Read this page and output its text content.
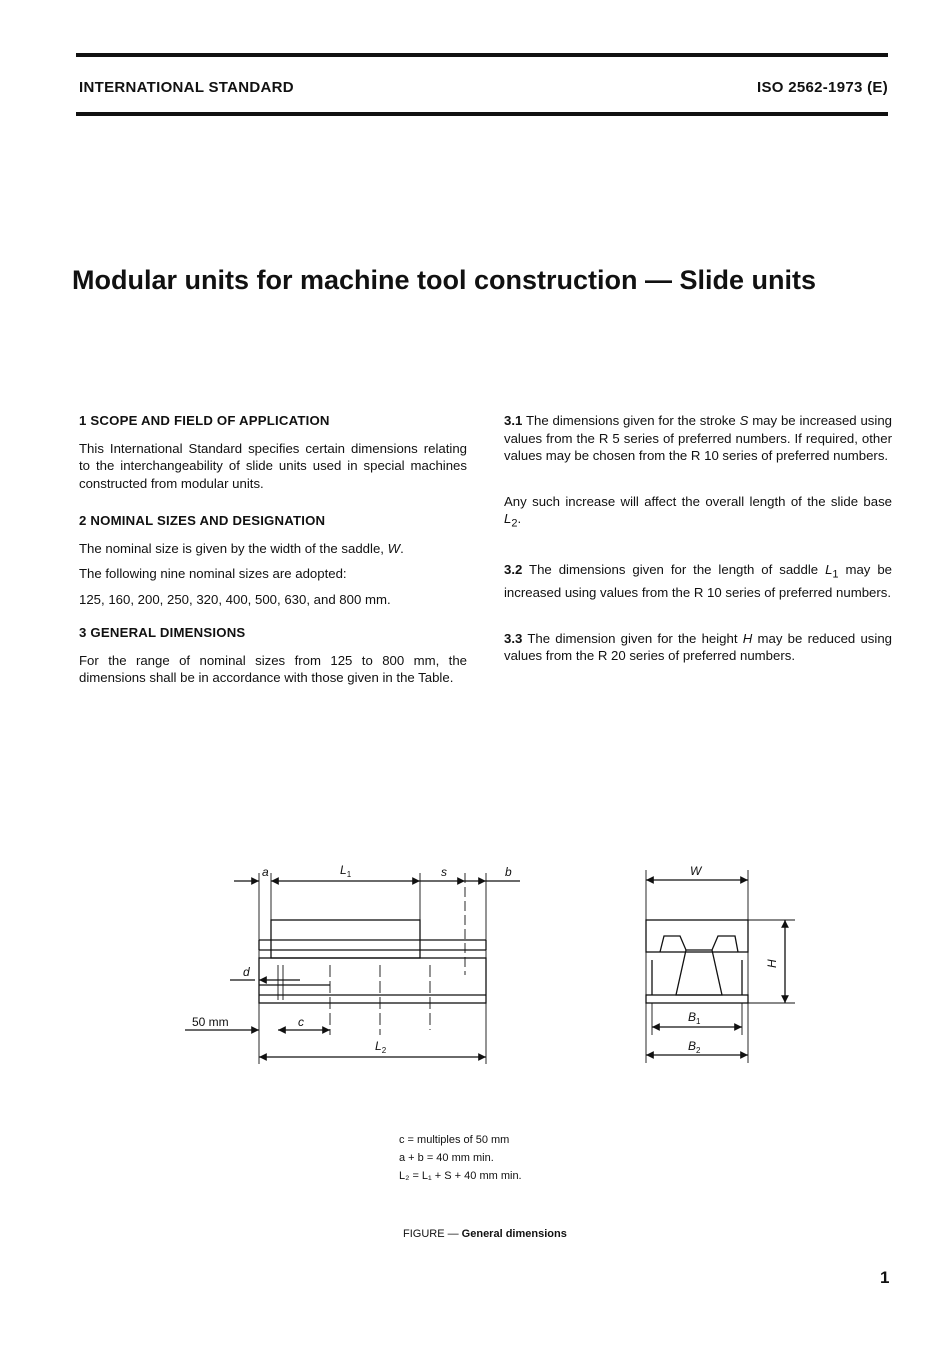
INTERNATIONAL STANDARD	ISO 2562-1973 (E)
Modular units for machine tool construction — Slide units
1 SCOPE AND FIELD OF APPLICATION

This International Standard specifies certain dimensions relating to the interchangeability of slide units used in special machines constructed from modular units.

2 NOMINAL SIZES AND DESIGNATION

The nominal size is given by the width of the saddle, W.

The following nine nominal sizes are adopted:

125, 160, 200, 250, 320, 400, 500, 630, and 800 mm.

3 GENERAL DIMENSIONS

For the range of nominal sizes from 125 to 800 mm, the dimensions shall be in accordance with those given in the Table.

3.1 The dimensions given for the stroke S may be increased using values from the R 5 series of preferred numbers. If required, other values may be chosen from the R 10 series of preferred numbers.

Any such increase will affect the overall length of the slide base $L_2$.

3.2 The dimensions given for the length of saddle $L_1$ may be increased using values from the R 10 series of preferred numbers.

3.3 The dimension given for the height H may be reduced using values from the R 20 series of preferred numbers.

a	$L_1$	s	b
d
50 mm	c
$L_2$
W
H
$B_1$
$B_2$
c = multiples of 50 mm
a + b = 40 mm min.
L₂ = L₁ + S + 40 mm min.
FIGURE — General dimensions
1
